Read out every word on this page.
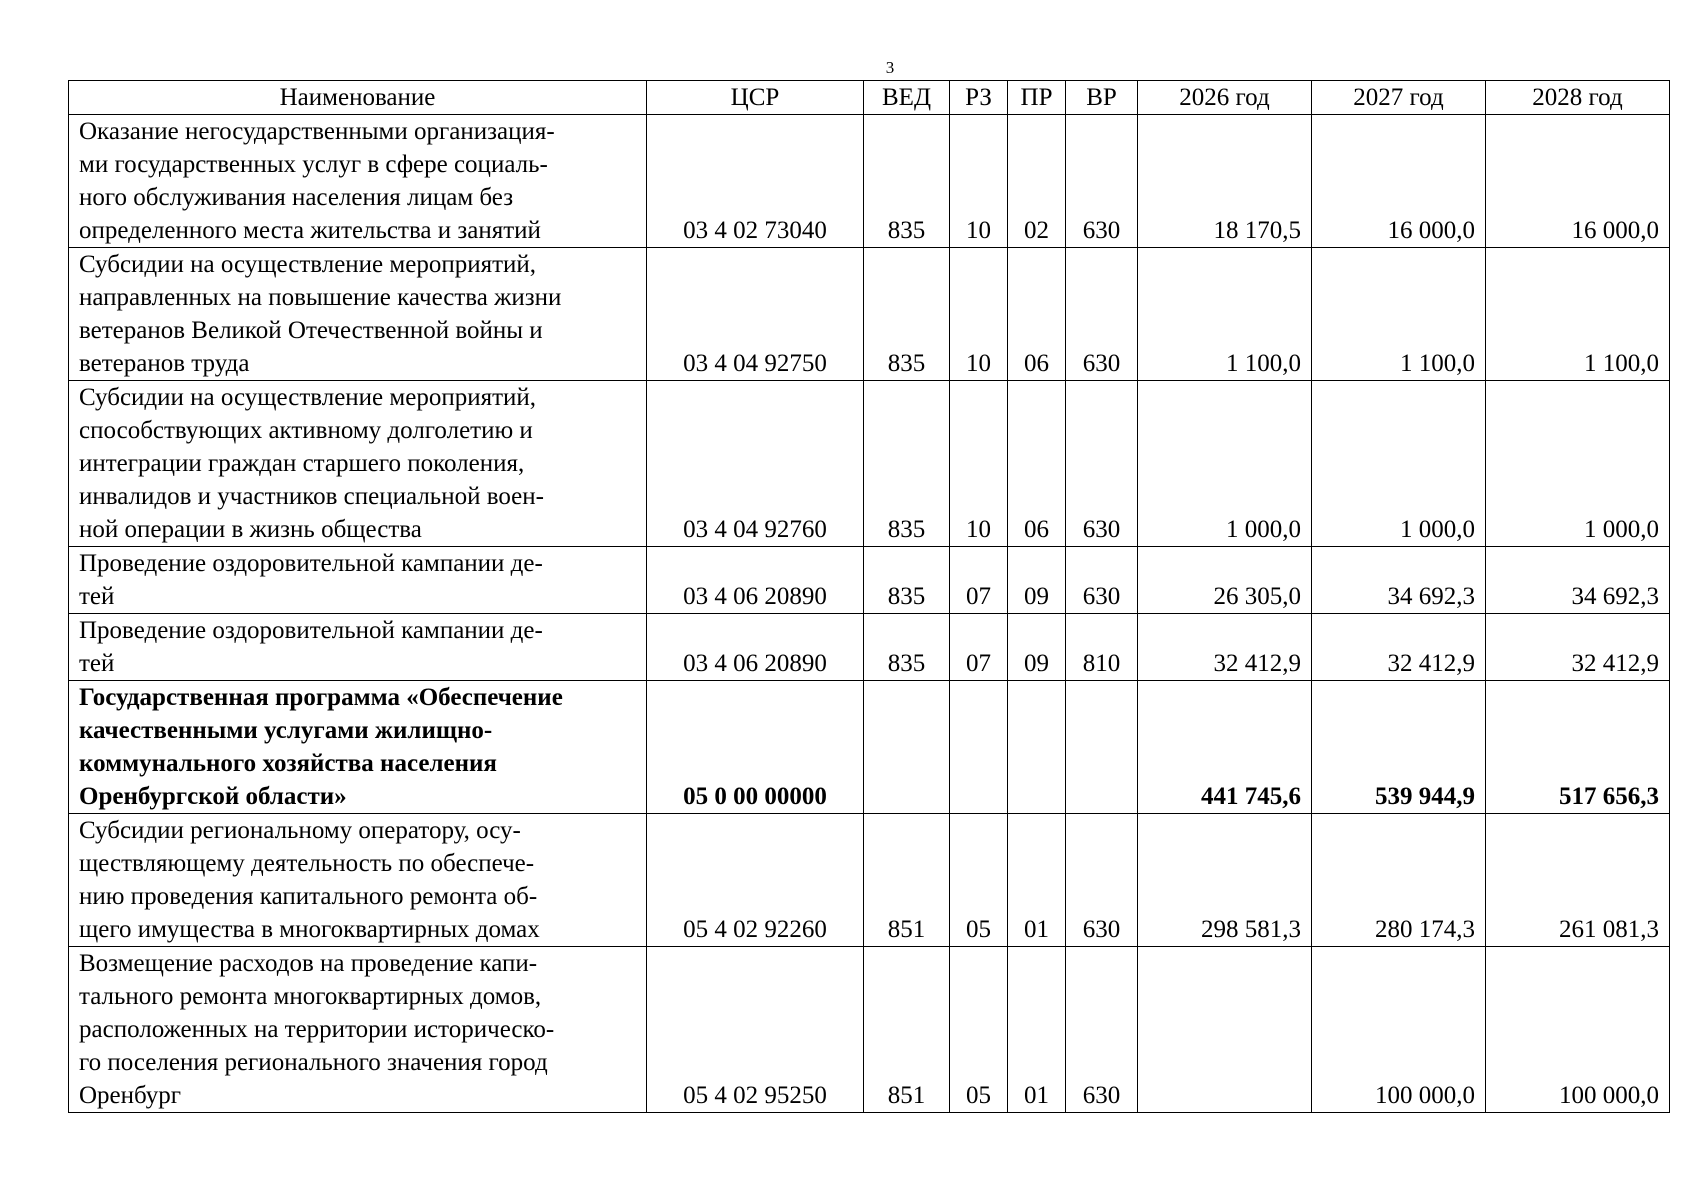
3
Наименование	ЦСР	ВЕД	РЗ	ПР	ВР	2026 год	2027 год	2028 год

Оказание негосударственными организация-
ми государственных услуг в сфере социаль-
ного обслуживания населения лицам без
определенного места жительства и занятий	03 4 02 73040	835	10	02	630	18 170,5	16 000,0	16 000,0

Субсидии на осуществление мероприятий,
направленных на повышение качества жизни
ветеранов Великой Отечественной войны и
ветеранов труда	03 4 04 92750	835	10	06	630	1 100,0	1 100,0	1 100,0

Субсидии на осуществление мероприятий,
способствующих активному долголетию и
интеграции граждан старшего поколения,
инвалидов и участников специальной воен-
ной операции в жизнь общества	03 4 04 92760	835	10	06	630	1 000,0	1 000,0	1 000,0

Проведение оздоровительной кампании де-
тей	03 4 06 20890	835	07	09	630	26 305,0	34 692,3	34 692,3

Проведение оздоровительной кампании де-
тей	03 4 06 20890	835	07	09	810	32 412,9	32 412,9	32 412,9

Государственная программа «Обеспечение
качественными услугами жилищно-
коммунального хозяйства населения
Оренбургской области»	05 0 00 00000					441 745,6	539 944,9	517 656,3

Субсидии региональному оператору, осу-
ществляющему деятельность по обеспече-
нию проведения капитального ремонта об-
щего имущества в многоквартирных домах	05 4 02 92260	851	05	01	630	298 581,3	280 174,3	261 081,3

Возмещение расходов на проведение капи-
тального ремонта многоквартирных домов,
расположенных на территории историческо-
го поселения регионального значения город
Оренбург	05 4 02 95250	851	05	01	630		100 000,0	100 000,0
